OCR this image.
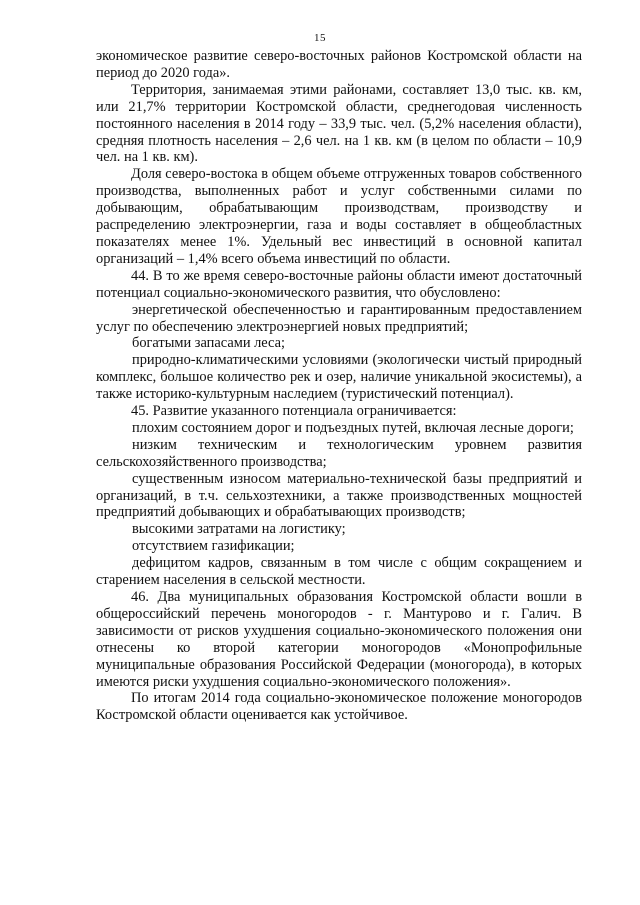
15

экономическое развитие северо-восточных районов Костромской области на период до 2020 года».

Территория, занимаемая этими районами, составляет 13,0 тыс. кв. км, или 21,7% территории Костромской области, среднегодовая численность постоянного населения в 2014 году – 33,9 тыс. чел. (5,2% населения области), средняя плотность населения – 2,6 чел. на 1 кв. км (в целом по области – 10,9 чел. на 1 кв. км).

Доля северо-востока в общем объеме отгруженных товаров собственного производства, выполненных работ и услуг собственными силами по добывающим, обрабатывающим производствам, производству и распределению электроэнергии, газа и воды составляет в общеобластных показателях менее 1%. Удельный вес инвестиций в основной капитал организаций – 1,4% всего объема инвестиций по области.

44. В то же время северо-восточные районы области имеют достаточный потенциал социально-экономического развития, что обусловлено:

энергетической обеспеченностью и гарантированным предоставлением услуг по обеспечению электроэнергией новых предприятий;

богатыми запасами леса;

природно-климатическими условиями (экологически чистый природный комплекс, большое количество рек и озер, наличие уникальной экосистемы), а также историко-культурным наследием (туристический потенциал).

45. Развитие указанного потенциала ограничивается:

плохим состоянием дорог и подъездных путей, включая лесные дороги;

низким техническим и технологическим уровнем развития сельскохозяйственного производства;

существенным износом материально-технической базы предприятий и организаций, в т.ч. сельхозтехники, а также производственных мощностей предприятий добывающих и обрабатывающих производств;

высокими затратами на логистику;

отсутствием газификации;

дефицитом кадров, связанным в том числе с общим сокращением и старением населения в сельской местности.

46. Два муниципальных образования Костромской области вошли в общероссийский перечень моногородов - г. Мантурово и г. Галич. В зависимости от рисков ухудшения социально-экономического положения они отнесены ко второй категории моногородов «Монопрофильные муниципальные образования Российской Федерации (моногорода), в которых имеются риски ухудшения социально-экономического положения».

По итогам 2014 года социально-экономическое положение моногородов Костромской области оценивается как устойчивое.
